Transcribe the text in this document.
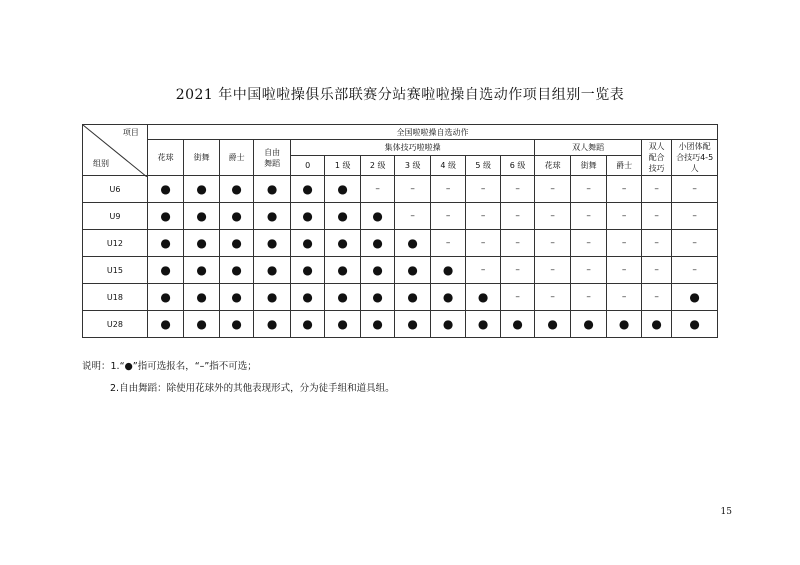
2021 年中国啦啦操俱乐部联赛分站赛啦啦操自选动作项目组别一览表
项目
组别	全国啦啦操自选动作															
	花球	街舞	爵士	自由舞蹈	集体技巧啦啦操							双人舞蹈			双人配合技巧	小团体配合技巧4-5 人
					0	1 级	2 级	3 级	4 级	5 级	6 级	花球	街舞	爵士		
U6	●	●	●	●	●	●	–	–	–	–	–	–	–	–	–	–
U9	●	●	●	●	●	●	●	–	–	–	–	–	–	–	–	–
U12	●	●	●	●	●	●	●	●	–	–	–	–	–	–	–	–
U15	●	●	●	●	●	●	●	●	●	–	–	–	–	–	–	–
U18	●	●	●	●	●	●	●	●	●	●	–	–	–	–	–	●
U28	●	●	●	●	●	●	●	●	●	●	●	●	●	●	●	●
说明：1.“●”指可选报名，“–”指不可选；
2.自由舞蹈：除使用花球外的其他表现形式，分为徒手组和道具组。
15
